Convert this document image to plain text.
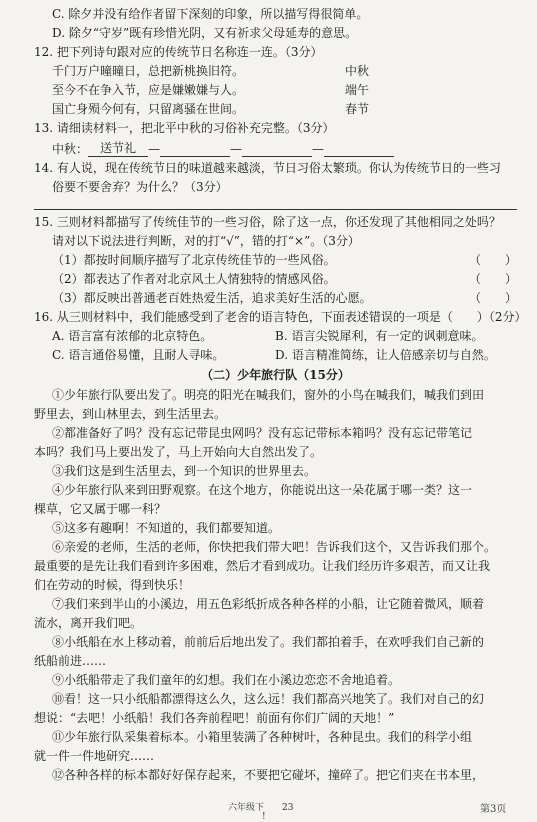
C. 除夕并没有给作者留下深刻的印象，所以描写得很简单。
D. 除夕“守岁”既有珍惜光阴，又有祈求父母延寿的意思。
12. 把下列诗句跟对应的传统节日名称连一连。（3分）
千门万户曈曈日，总把新桃换旧符。	中秋
至今不在争入节，应是嫌嫩嫌与人。	端午
国亡身殒今何有，只留离骚在世间。	春节
13. 请细读材料一，把北平中秋的习俗补充完整。（3分）
中秋： 送节礼 —	—	—
14. 有人说，现在传统节日的味道越来越淡，节日习俗太繁琐。你认为传统节日的一些习
俗要不要舍弃？为什么？（3分）
15. 三则材料都描写了传统佳节的一些习俗，除了这一点，你还发现了其他相同之处吗？
请对以下说法进行判断，对的打“√”，错的打“×”。（3分）
（1）都按时间顺序描写了北京传统佳节的一些风俗。	（　　）
（2）都表达了作者对北京风土人情独特的情感风俗。	（　　）
（3）都反映出普通老百姓热爱生活，追求美好生活的心愿。	（　　）
16. 从三则材料中，我们能感受到了老舍的语言特色，下面表述错误的一项是（　　）（2分）
A. 语言富有浓郁的北京特色。	B. 语言尖锐犀利，有一定的讽刺意味。
C. 语言通俗易懂，且耐人寻味。	D. 语言精准简练，让人倍感亲切与自然。
（二）少年旅行队（15分）
①少年旅行队要出发了。明亮的阳光在喊我们，窗外的小鸟在喊我们，喊我们到田
野里去，到山林里去，到生活里去。
②都准备好了吗？没有忘记带昆虫网吗？没有忘记带标本箱吗？没有忘记带笔记
本吗？我们马上要出发了，马上开始向大自然出发了。
③我们这是到生活里去，到一个知识的世界里去。
④少年旅行队来到田野观察。在这个地方，你能说出这一朵花属于哪一类？这一
棵草，它又属于哪一科？
⑤这多有趣啊！不知道的，我们都要知道。
⑥亲爱的老师，生活的老师，你快把我们带大吧！告诉我们这个，又告诉我们那个。
最重要的是先让我们看到许多困难，然后才看到成功。让我们经历许多艰苦，而又让我
们在劳动的时候，得到快乐！
⑦我们来到半山的小溪边，用五色彩纸折成各种各样的小船，让它随着微风，顺着
流水，离开我们吧。
⑧小纸船在水上移动着，前前后后地出发了。我们都拍着手，在欢呼我们自己新的
纸船前进……
⑨小纸船带走了我们童年的幻想。我们在小溪边恋恋不舍地追着。
⑩看！这一只小纸船都漂得这么久，这么远！我们都高兴地笑了。我们对自己的幻
想说：“去吧！小纸船！我们各奔前程吧！前面有你们广阔的天地！”
⑪少年旅行队采集着标本。小箱里装满了各种树叶，各种昆虫。我们的科学小组
就一件一件地研究……
⑫各种各样的标本都好好保存起来，不要把它碰坏，撞碎了。把它们夹在书本里，
六年级下　　23
!
第3页
